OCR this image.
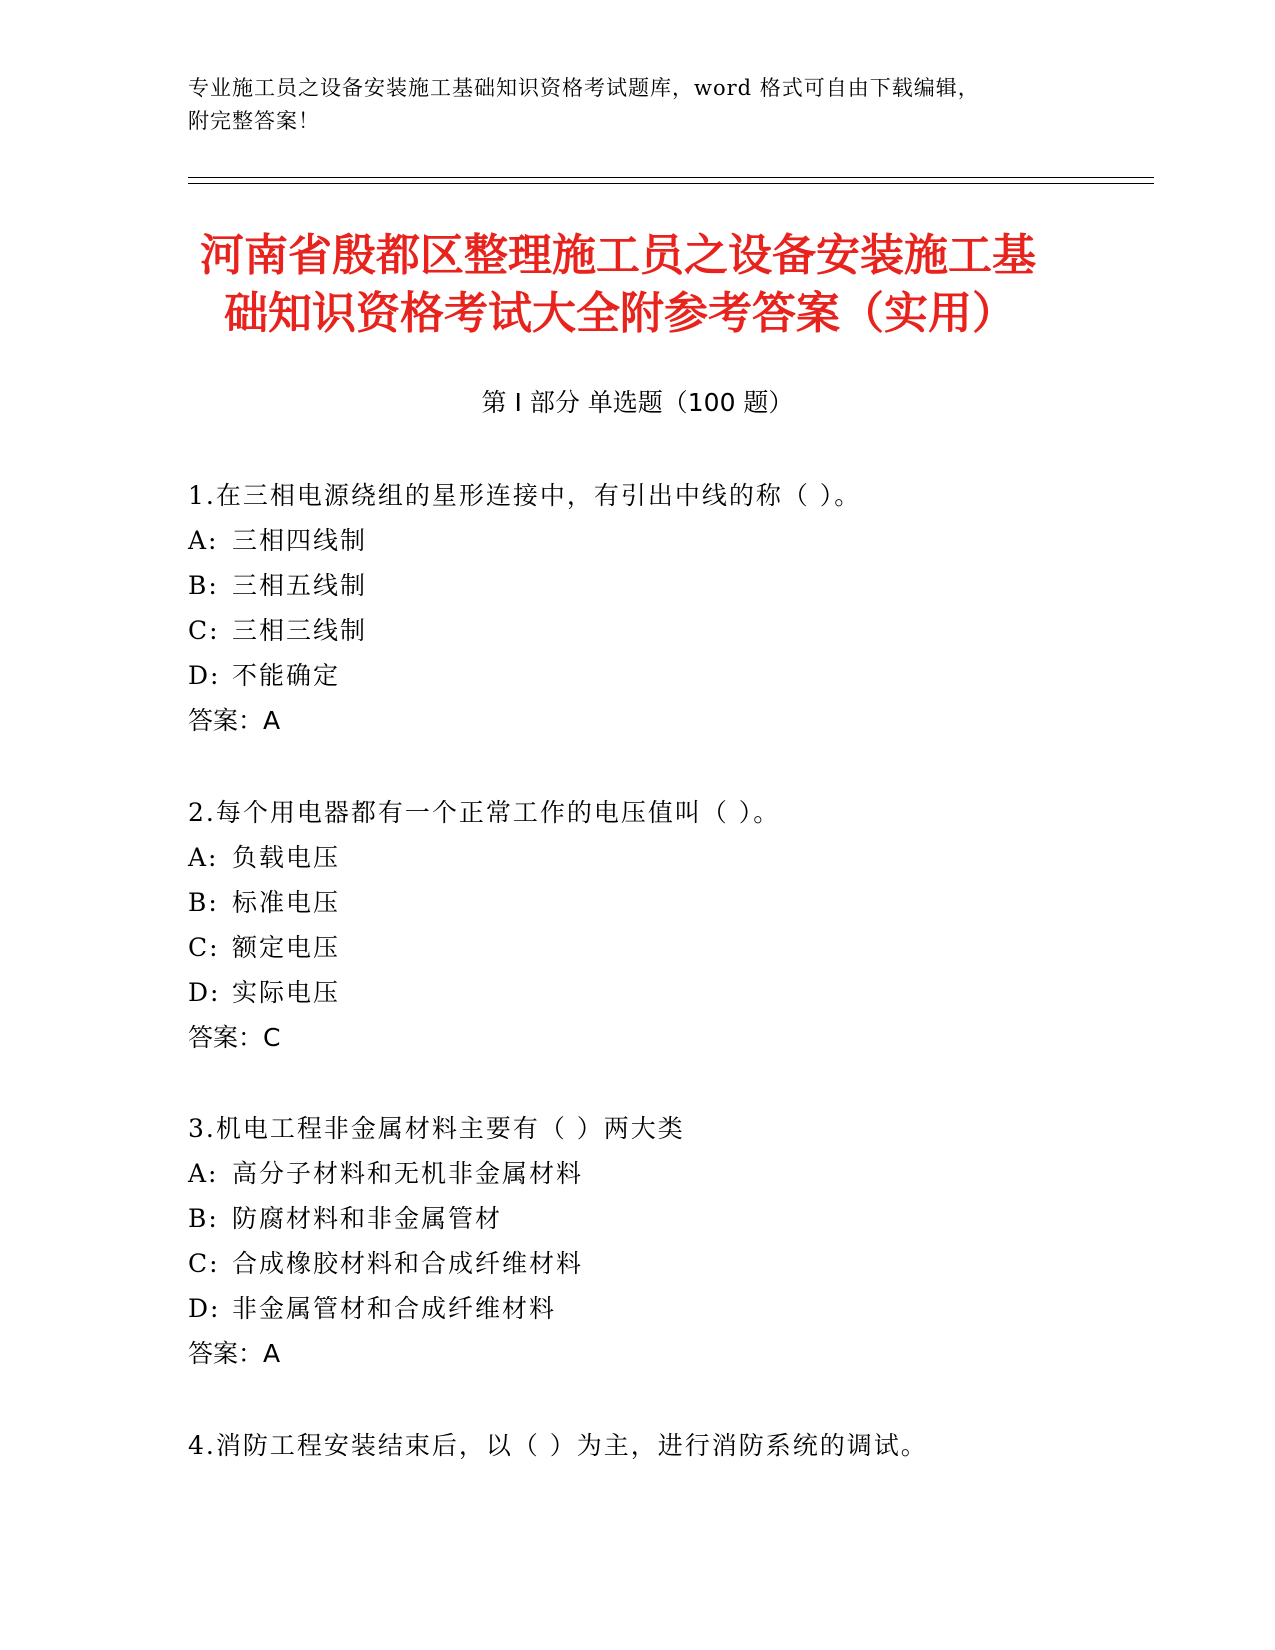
专业施工员之设备安装施工基础知识资格考试题库，word 格式可自由下载编辑，
附完整答案！
河南省殷都区整理施工员之设备安装施工基
础知识资格考试大全附参考答案（实用）
第 I 部分 单选题（100 题）
1.在三相电源绕组的星形连接中，有引出中线的称（ ）。
A: 三相四线制
B: 三相五线制
C: 三相三线制
D: 不能确定
答案：A
2.每个用电器都有一个正常工作的电压值叫（ ）。
A: 负载电压
B: 标准电压
C: 额定电压
D: 实际电压
答案：C
3.机电工程非金属材料主要有（ ）两大类
A: 高分子材料和无机非金属材料
B: 防腐材料和非金属管材
C: 合成橡胶材料和合成纤维材料
D: 非金属管材和合成纤维材料
答案：A
4.消防工程安装结束后，以（ ）为主，进行消防系统的调试。
